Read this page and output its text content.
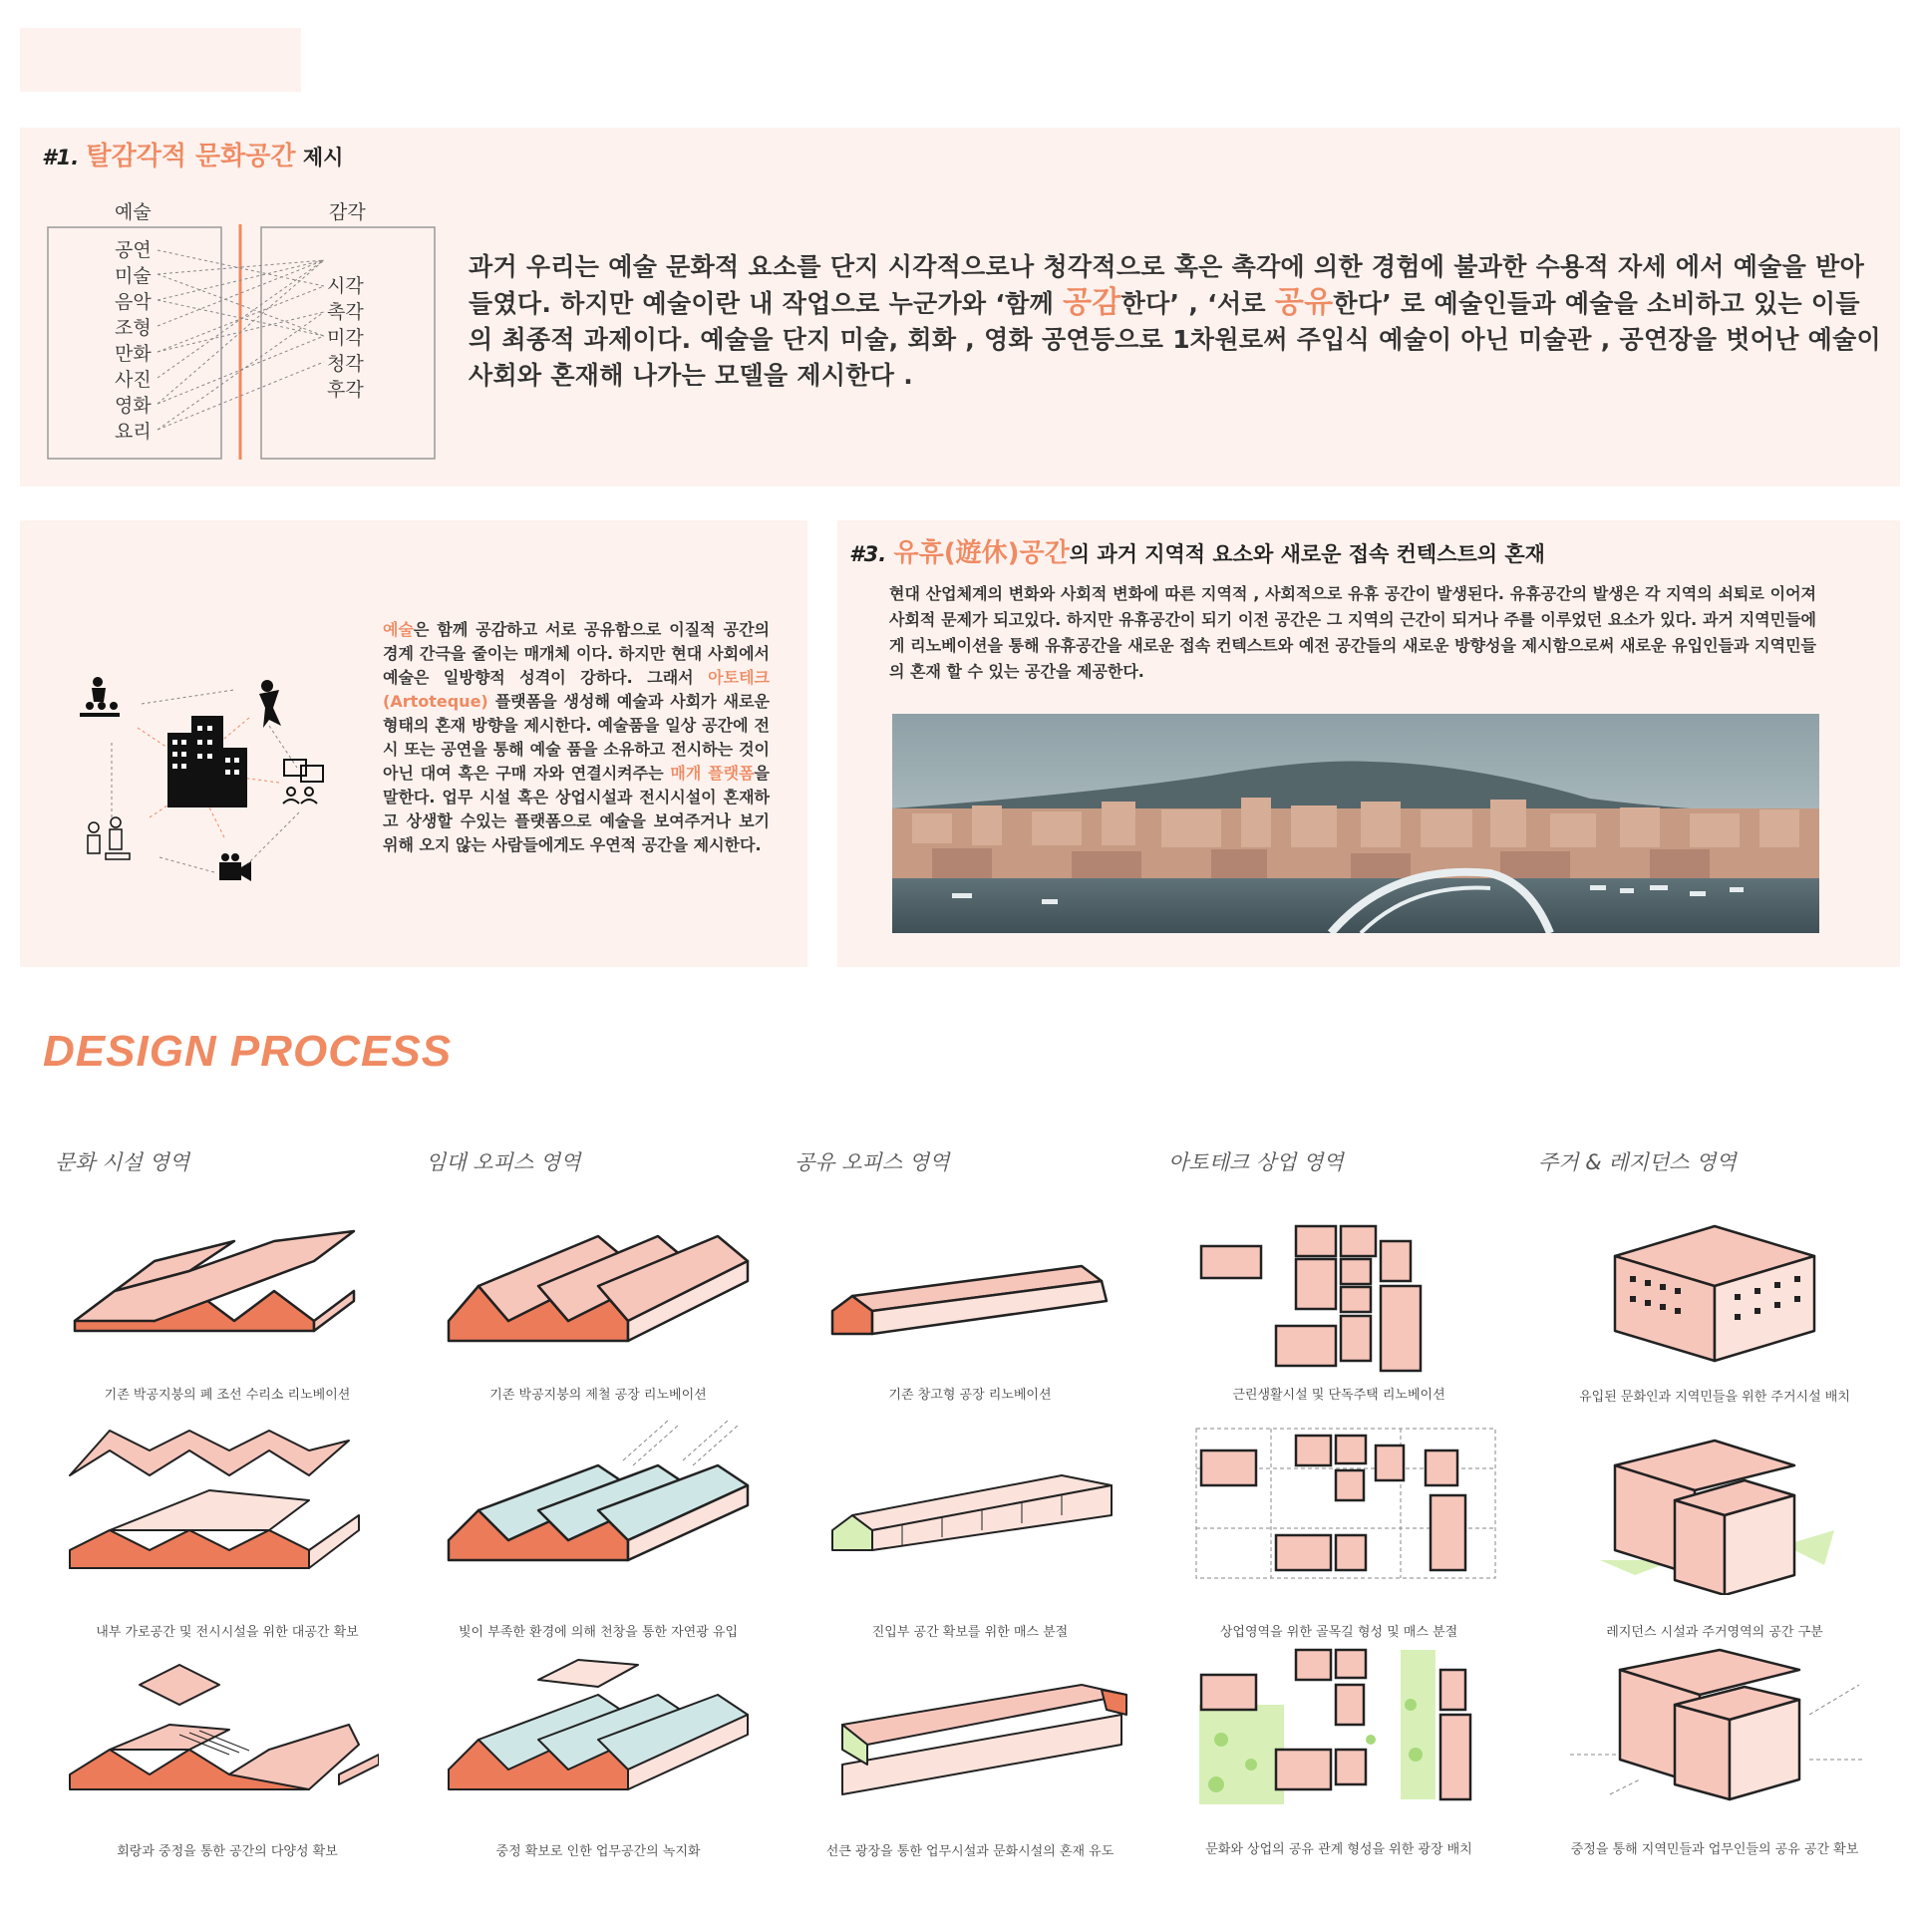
#1. 탈감각적 문화공간 제시
예술	감각
공연
미술
음악
조형
만화
사진
영화
요리
시각
촉각
미각
청각
후각
과거 우리는 예술 문화적 요소를 단지 시각적으로나 청각적으로 혹은 촉각에 의한 경험에 불과한 수용적 자세 에서 예술을 받아들였다. 하지만 예술이란 내 작업으로 누군가와 ‘함께 공감한다’ , ‘서로 공유한다’ 로 예술인들과 예술을 소비하고 있는 이들의 최종적 과제이다. 예술을 단지 미술, 회화 , 영화 공연등으로 1차원로써 주입식 예술이 아닌 미술관 , 공연장을 벗어난 예술이 사회와 혼재해 나가는 모델을 제시한다 .
예술은 함께 공감하고 서로 공유함으로 이질적 공간의 경계 간극을 줄이는 매개체 이다. 하지만 현대 사회에서 예술은 일방향적 성격이 강하다. 그래서 아토테크 (Artoteque) 플랫폼을 생성해 예술과 사회가 새로운 형태의 혼재 방향을 제시한다. 예술품을 일상 공간에 전시 또는 공연을 통해 예술 품을 소유하고 전시하는 것이 아닌 대여 혹은 구매 자와 연결시켜주는 매개 플랫폼을 말한다. 업무 시설 혹은 상업시설과 전시시설이 혼재하고 상생할 수있는 플랫폼으로 예술을 보여주거나 보기 위해 오지 않는 사람들에게도 우연적 공간을 제시한다.
#3. 유휴(遊休)공간의 과거 지역적 요소와 새로운 접속 컨텍스트의 혼재
현대 산업체계의 변화와 사회적 변화에 따른 지역적 , 사회적으로 유휴 공간이 발생된다. 유휴공간의 발생은 각 지역의 쇠퇴로 이어져 사회적 문제가 되고있다. 하지만 유휴공간이 되기 이전 공간은 그 지역의 근간이 되거나 주를 이루었던 요소가 있다. 과거 지역민들에게 리노베이션을 통해 유휴공간을 새로운 접속 컨텍스트와 예전 공간들의 새로운 방향성을 제시함으로써 새로운 유입인들과 지역민들 의 혼재 할 수 있는 공간을 제공한다.
DESIGN PROCESS
문화 시설 영역	임대 오피스 영역	공유 오피스 영역	아토테크 상업 영역	주거 & 레지던스 영역
기존 박공지붕의 폐 조선 수리소 리노베이션	기존 박공지붕의 제철 공장 리노베이션	기존 창고형 공장 리노베이션	근린생활시설 및 단독주택 리노베이션	유입된 문화인과 지역민들을 위한 주거시설 배치
내부 가로공간 및 전시시설을 위한 대공간 확보	빛이 부족한 환경에 의해 천창을 통한 자연광 유입	진입부 공간 확보를 위한 매스 분절	상업영역을 위한 골목길 형성 및 매스 분절	레지던스 시설과 주거영역의 공간 구분
회랑과 중정을 통한 공간의 다양성 확보	중정 확보로 인한 업무공간의 녹지화	선큰 광장을 통한 업무시설과 문화시설의 혼재 유도	문화와 상업의 공유 관계 형성을 위한 광장 배치	중정을 통해 지역민들과 업무인들의 공유 공간 확보
